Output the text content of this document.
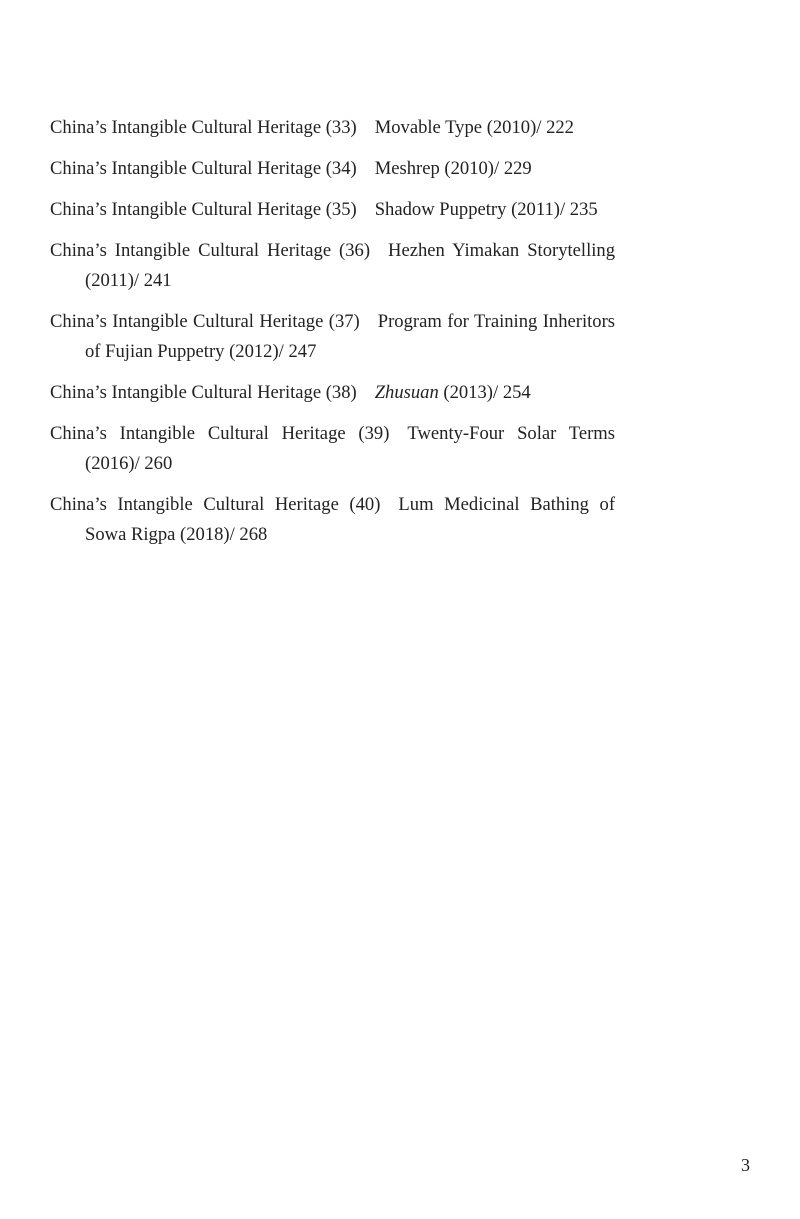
China’s Intangible Cultural Heritage (33) Movable Type (2010)/ 222
China’s Intangible Cultural Heritage (34) Meshrep (2010)/ 229
China’s Intangible Cultural Heritage (35) Shadow Puppetry (2011)/ 235
China’s Intangible Cultural Heritage (36) Hezhen Yimakan Storytelling (2011)/ 241
China’s Intangible Cultural Heritage (37) Program for Training Inheritors of Fujian Puppetry (2012)/ 247
China’s Intangible Cultural Heritage (38) Zhusuan (2013)/ 254
China’s Intangible Cultural Heritage (39) Twenty-Four Solar Terms (2016)/ 260
China’s Intangible Cultural Heritage (40) Lum Medicinal Bathing of Sowa Rigpa (2018)/ 268
3
